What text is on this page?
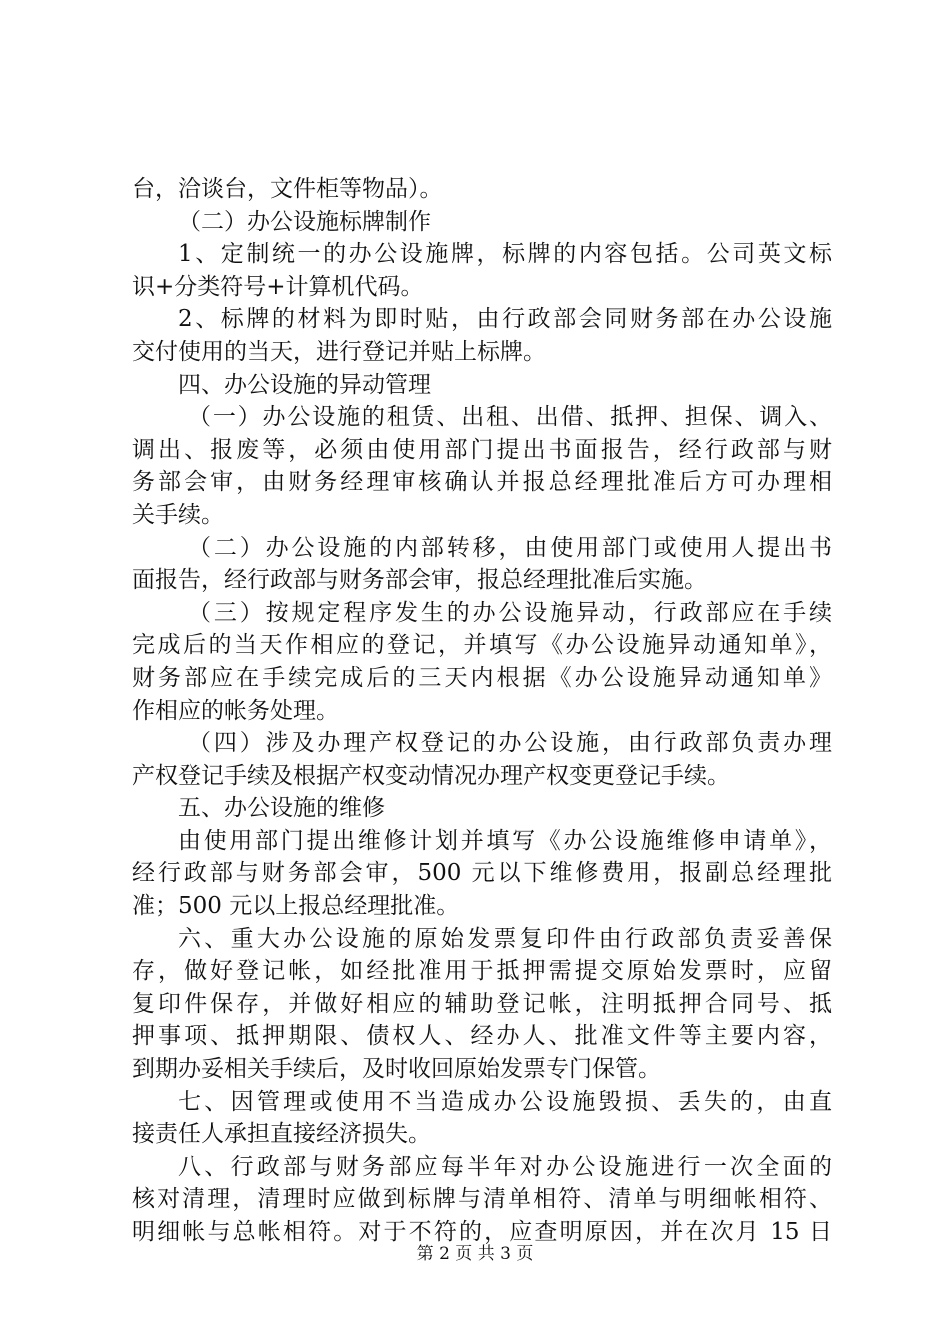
台，洽谈台，文件柜等物品）。
（二）办公设施标牌制作
1、定制统一的办公设施牌，标牌的内容包括。公司英文标
识+分类符号+计算机代码。
2、标牌的材料为即时贴，由行政部会同财务部在办公设施
交付使用的当天，进行登记并贴上标牌。
四、办公设施的异动管理
（一）办公设施的租赁、出租、出借、抵押、担保、调入、
调出、报废等，必须由使用部门提出书面报告，经行政部与财
务部会审，由财务经理审核确认并报总经理批准后方可办理相
关手续。
（二）办公设施的内部转移，由使用部门或使用人提出书
面报告，经行政部与财务部会审，报总经理批准后实施。
（三）按规定程序发生的办公设施异动，行政部应在手续
完成后的当天作相应的登记，并填写《办公设施异动通知单》，
财务部应在手续完成后的三天内根据《办公设施异动通知单》
作相应的帐务处理。
（四）涉及办理产权登记的办公设施，由行政部负责办理
产权登记手续及根据产权变动情况办理产权变更登记手续。
五、办公设施的维修
由使用部门提出维修计划并填写《办公设施维修申请单》，
经行政部与财务部会审，500 元以下维修费用，报副总经理批
准；500 元以上报总经理批准。
六、重大办公设施的原始发票复印件由行政部负责妥善保
存，做好登记帐，如经批准用于抵押需提交原始发票时，应留
复印件保存，并做好相应的辅助登记帐，注明抵押合同号、抵
押事项、抵押期限、债权人、经办人、批准文件等主要内容，
到期办妥相关手续后，及时收回原始发票专门保管。
七、因管理或使用不当造成办公设施毁损、丢失的，由直
接责任人承担直接经济损失。
八、行政部与财务部应每半年对办公设施进行一次全面的
核对清理，清理时应做到标牌与清单相符、清单与明细帐相符、
明细帐与总帐相符。对于不符的，应查明原因，并在次月 15 日
第 2 页 共 3 页
